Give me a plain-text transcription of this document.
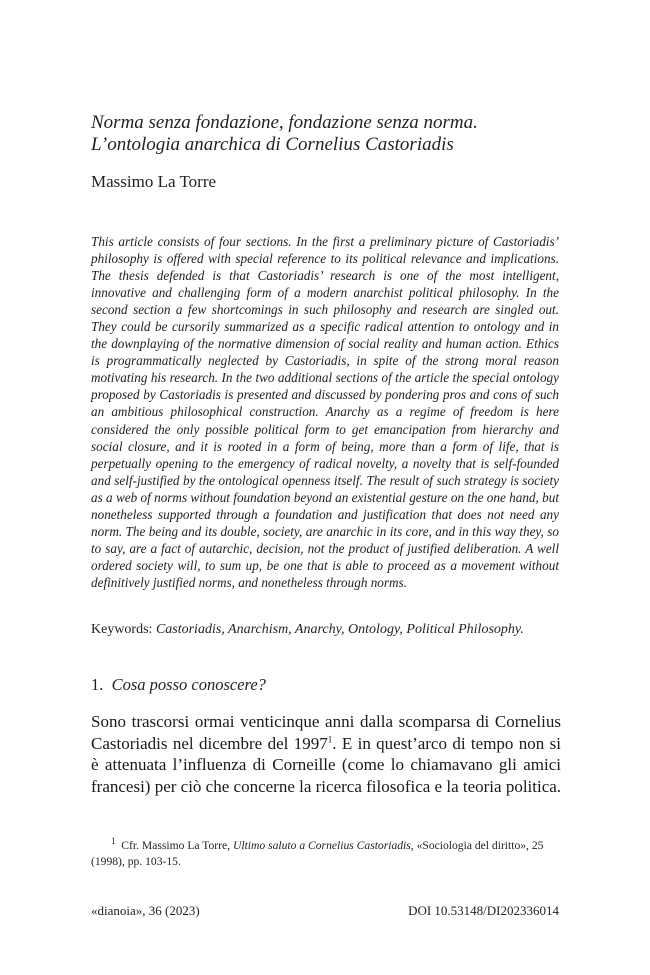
Norma senza fondazione, fondazione senza norma.
L’ontologia anarchica di Cornelius Castoriadis
Massimo La Torre

This article consists of four sections. In the first a preliminary picture of Castoriadis’ philosophy is offered with special reference to its political relevance and implications. The thesis defended is that Castoriadis’ research is one of the most intelligent, innovative and challenging form of a modern anarchist political philosophy. In the second section a few shortcomings in such philosophy and research are singled out. They could be cursorily summarized as a specific radical attention to ontology and in the downplaying of the normative dimension of social reality and human action. Ethics is programmatically neglected by Castoriadis, in spite of the strong moral reason motivating his research. In the two additional sections of the article the special ontology proposed by Castoriadis is presented and discussed by pondering pros and cons of such an ambitious philosophical construction. Anarchy as a regime of freedom is here considered the only possible political form to get emancipation from hierarchy and social closure, and it is rooted in a form of being, more than a form of life, that is perpetually opening to the emergency of radical novelty, a novelty that is self-founded and self-justified by the ontological openness itself. The result of such strategy is society as a web of norms without foundation beyond an existential gesture on the one hand, but nonetheless supported through a foundation and justification that does not need any norm. The being and its double, society, are anarchic in its core, and in this way they, so to say, are a fact of autarchic, decision, not the product of justified deliberation. A well ordered society will, to sum up, be one that is able to proceed as a movement without definitively justified norms, and nonetheless through norms.

Keywords: Castoriadis, Anarchism, Anarchy, Ontology, Political Philosophy.
1. Cosa posso conoscere?
Sono trascorsi ormai venticinque anni dalla scomparsa di Cornelius
Castoriadis nel dicembre del 1997$^1$. E in quest’arco di tempo non si
è attenuata l’influenza di Corneille (come lo chiamavano gli amici
francesi) per ciò che concerne la ricerca filosofica e la teoria politica.

$^1$ Cfr. Massimo La Torre, Ultimo saluto a Cornelius Castoriadis, «Sociologia del diritto», 25 (1998), pp. 103-15.

«dianoia», 36 (2023)	DOI 10.53148/DI202336014
